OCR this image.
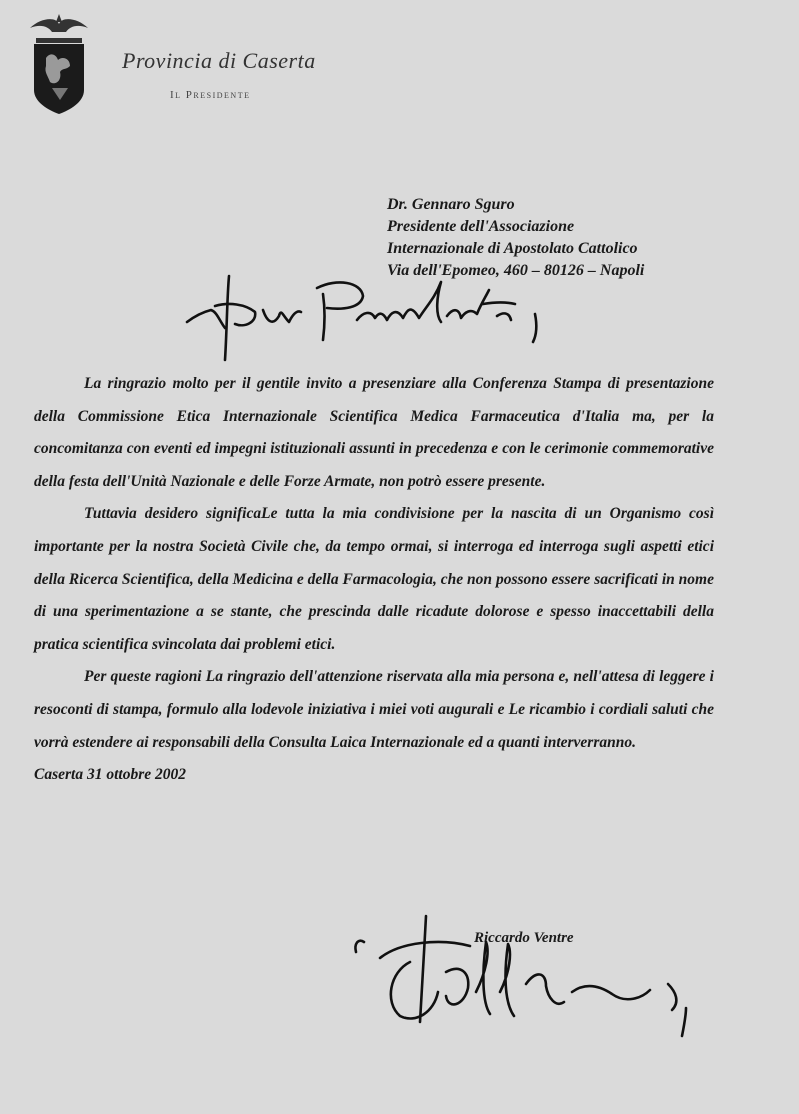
Provincia di Caserta
Il Presidente
Dr. Gennaro Sguro
Presidente dell'Associazione
Internazionale di Apostolato Cattolico
Via dell'Epomeo, 460 – 80126 – Napoli

La ringrazio molto per il gentile invito a presenziare alla Conferenza Stampa di presentazione della Commissione Etica Internazionale Scientifica Medica Farmaceutica d'Italia ma, per la concomitanza con eventi ed impegni istituzionali assunti in precedenza e con le cerimonie commemorative della festa dell'Unità Nazionale e delle Forze Armate, non potrò essere presente.

Tuttavia desidero significaLe tutta la mia condivisione per la nascita di un Organismo così importante per la nostra Società Civile che, da tempo ormai, si interroga ed interroga sugli aspetti etici della Ricerca Scientifica, della Medicina e della Farmacologia, che non possono essere sacrificati in nome di una sperimentazione a se stante, che prescinda dalle ricadute dolorose e spesso inaccettabili della pratica scientifica svincolata dai problemi etici.

Per queste ragioni La ringrazio dell'attenzione riservata alla mia persona e, nell'attesa di leggere i resoconti di stampa, formulo alla lodevole iniziativa i miei voti augurali e Le ricambio i cordiali saluti che vorrà estendere ai responsabili della Consulta Laica Internazionale ed a quanti interverranno.

Caserta 31 ottobre 2002

Riccardo Ventre
